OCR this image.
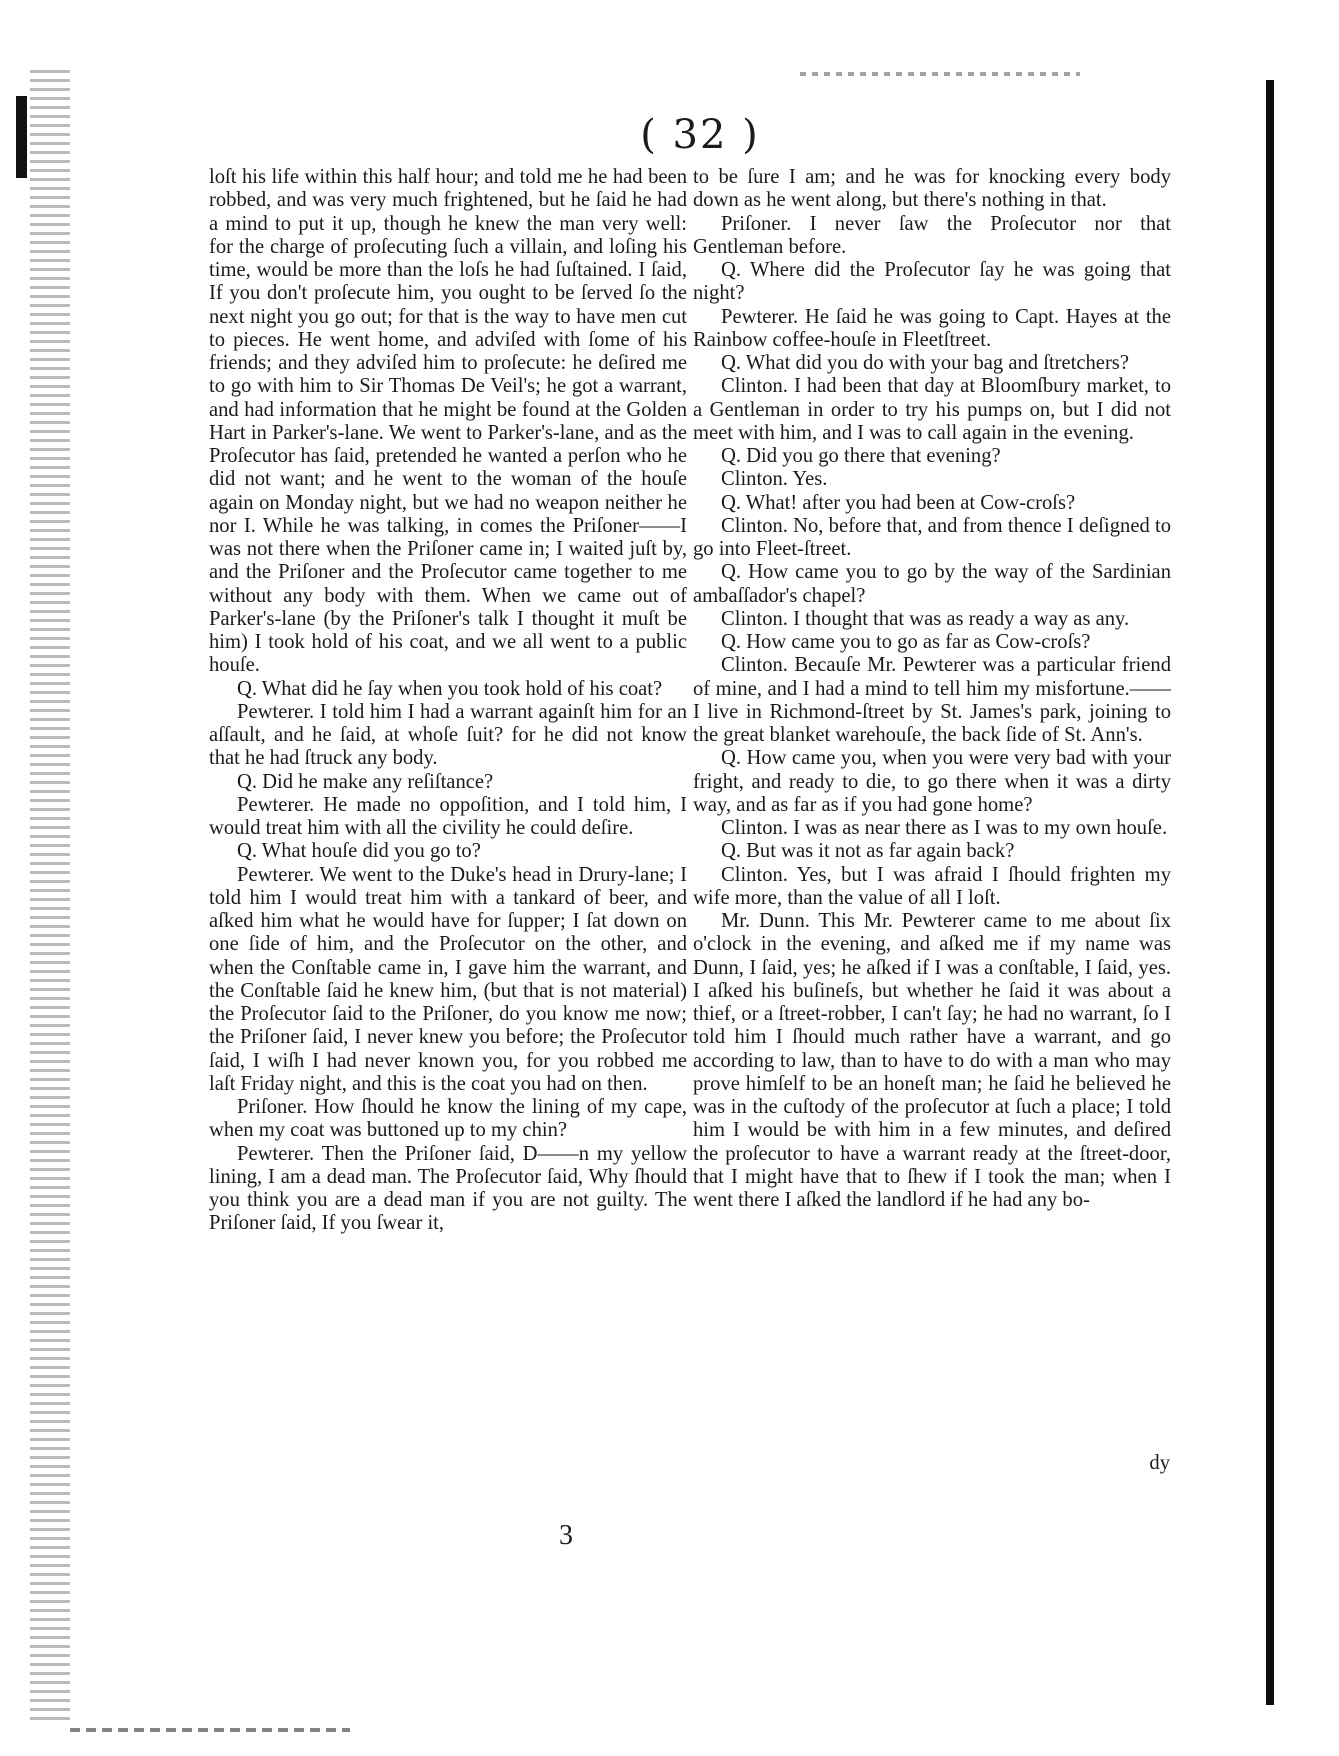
( 32 )

loſt his life within this half hour; and told me he had been robbed, and was very much frightened, but he ſaid he had a mind to put it up, though he knew the man very well: for the charge of proſecuting ſuch a villain, and loſing his time, would be more than the loſs he had ſuſtained. I ſaid, If you don't proſecute him, you ought to be ſerved ſo the next night you go out; for that is the way to have men cut to pieces. He went home, and adviſed with ſome of his friends; and they adviſed him to proſecute: he deſired me to go with him to Sir Thomas De Veil's; he got a warrant, and had information that he might be found at the Golden Hart in Parker's-lane. We went to Parker's-lane, and as the Proſecutor has ſaid, pretended he wanted a perſon who he did not want; and he went to the woman of the houſe again on Monday night, but we had no weapon neither he nor I. While he was talking, in comes the Priſoner——I was not there when the Priſoner came in; I waited juſt by, and the Priſoner and the Proſecutor came together to me without any body with them. When we came out of Parker's-lane (by the Priſoner's talk I thought it muſt be him) I took hold of his coat, and we all went to a public houſe.

Q. What did he ſay when you took hold of his coat?

Pewterer. I told him I had a warrant againſt him for an aſſault, and he ſaid, at whoſe ſuit? for he did not know that he had ſtruck any body.

Q. Did he make any reſiſtance?

Pewterer. He made no oppoſition, and I told him, I would treat him with all the civility he could deſire.

Q. What houſe did you go to?

Pewterer. We went to the Duke's head in Drury-lane; I told him I would treat him with a tankard of beer, and aſked him what he would have for ſupper; I ſat down on one ſide of him, and the Proſecutor on the other, and when the Conſtable came in, I gave him the warrant, and the Conſtable ſaid he knew him, (but that is not material) the Proſecutor ſaid to the Priſoner, do you know me now; the Priſoner ſaid, I never knew you before; the Proſecutor ſaid, I wiſh I had never known you, for you robbed me laſt Friday night, and this is the coat you had on then.

Priſoner. How ſhould he know the lining of my cape, when my coat was buttoned up to my chin?

Pewterer. Then the Priſoner ſaid, D——n my yellow lining, I am a dead man. The Proſecutor ſaid, Why ſhould you think you are a dead man if you are not guilty. The Priſoner ſaid, If you ſwear it,

to be ſure I am; and he was for knocking every body down as he went along, but there's nothing in that.

Priſoner. I never ſaw the Proſecutor nor that Gentleman before.

Q. Where did the Proſecutor ſay he was going that night?

Pewterer. He ſaid he was going to Capt. Hayes at the Rainbow coffee-houſe in Fleetſtreet.

Q. What did you do with your bag and ſtretchers?

Clinton. I had been that day at Bloomſbury market, to a Gentleman in order to try his pumps on, but I did not meet with him, and I was to call again in the evening.

Q. Did you go there that evening?

Clinton. Yes.

Q. What! after you had been at Cow-croſs?

Clinton. No, before that, and from thence I deſigned to go into Fleet-ſtreet.

Q. How came you to go by the way of the Sardinian ambaſſador's chapel?

Clinton. I thought that was as ready a way as any.

Q. How came you to go as far as Cow-croſs?

Clinton. Becauſe Mr. Pewterer was a particular friend of mine, and I had a mind to tell him my misfortune.——I live in Richmond-ſtreet by St. James's park, joining to the great blanket warehouſe, the back ſide of St. Ann's.

Q. How came you, when you were very bad with your fright, and ready to die, to go there when it was a dirty way, and as far as if you had gone home?

Clinton. I was as near there as I was to my own houſe.

Q. But was it not as far again back?

Clinton. Yes, but I was afraid I ſhould frighten my wife more, than the value of all I loſt.

Mr. Dunn. This Mr. Pewterer came to me about ſix o'clock in the evening, and aſked me if my name was Dunn, I ſaid, yes; he aſked if I was a conſtable, I ſaid, yes. I aſked his buſineſs, but whether he ſaid it was about a thief, or a ſtreet-robber, I can't ſay; he had no warrant, ſo I told him I ſhould much rather have a warrant, and go according to law, than to have to do with a man who may prove himſelf to be an honeſt man; he ſaid he believed he was in the cuſtody of the proſecutor at ſuch a place; I told him I would be with him in a few minutes, and deſired the proſecutor to have a warrant ready at the ſtreet-door, that I might have that to ſhew if I took the man; when I went there I aſked the landlord if he had any bo-

dy
3
